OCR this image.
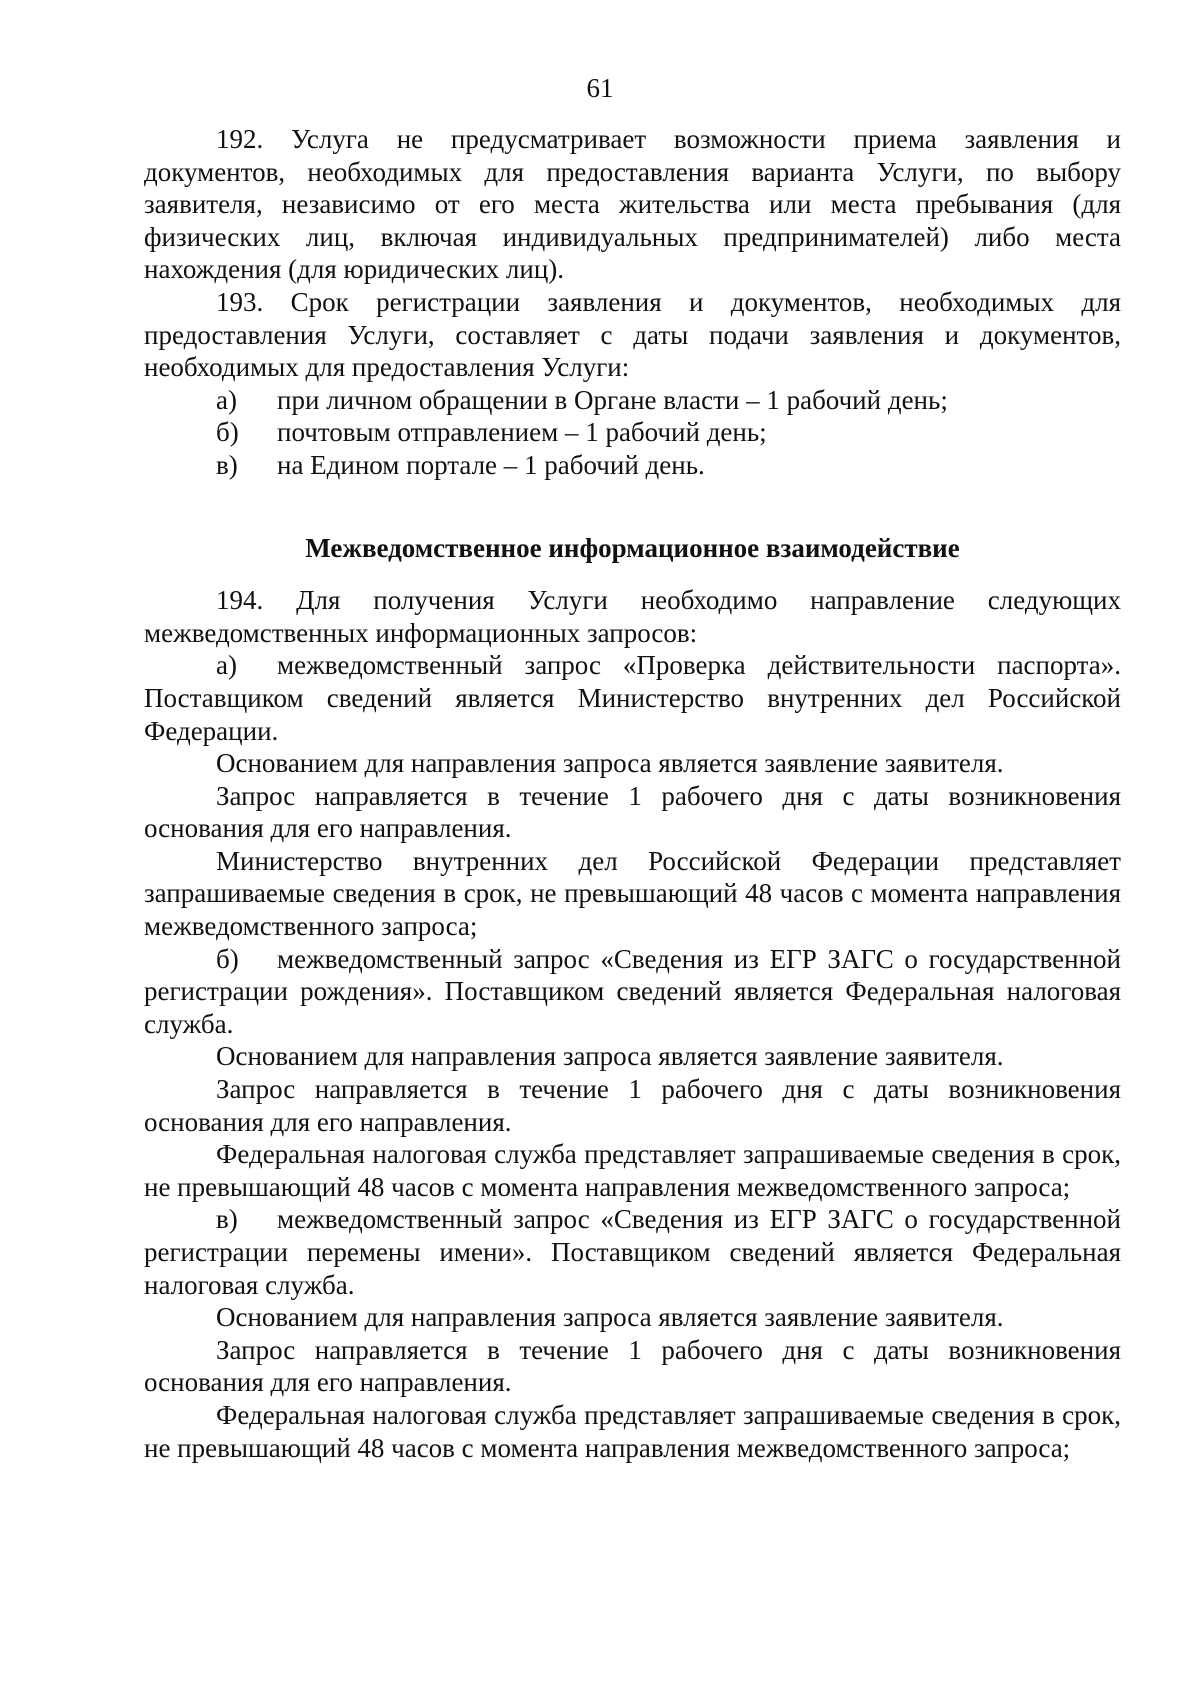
61

192. Услуга не предусматривает возможности приема заявления и документов, необходимых для предоставления варианта Услуги, по выбору заявителя, независимо от его места жительства или места пребывания (для физических лиц, включая индивидуальных предпринимателей) либо места нахождения (для юридических лиц).

193. Срок регистрации заявления и документов, необходимых для предоставления Услуги, составляет с даты подачи заявления и документов, необходимых для предоставления Услуги:

а) при личном обращении в Органе власти – 1 рабочий день;

б) почтовым отправлением – 1 рабочий день;

в) на Едином портале – 1 рабочий день.

Межведомственное информационное взаимодействие

194. Для получения Услуги необходимо направление следующих межведомственных информационных запросов:

а) межведомственный запрос «Проверка действительности паспорта». Поставщиком сведений является Министерство внутренних дел Российской Федерации.

Основанием для направления запроса является заявление заявителя.

Запрос направляется в течение 1 рабочего дня с даты возникновения основания для его направления.

Министерство внутренних дел Российской Федерации представляет запрашиваемые сведения в срок, не превышающий 48 часов с момента направления межведомственного запроса;

б) межведомственный запрос «Сведения из ЕГР ЗАГС о государственной регистрации рождения». Поставщиком сведений является Федеральная налоговая служба.

Основанием для направления запроса является заявление заявителя.

Запрос направляется в течение 1 рабочего дня с даты возникновения основания для его направления.

Федеральная налоговая служба представляет запрашиваемые сведения в срок, не превышающий 48 часов с момента направления межведомственного запроса;

в) межведомственный запрос «Сведения из ЕГР ЗАГС о государственной регистрации перемены имени». Поставщиком сведений является Федеральная налоговая служба.

Основанием для направления запроса является заявление заявителя.

Запрос направляется в течение 1 рабочего дня с даты возникновения основания для его направления.

Федеральная налоговая служба представляет запрашиваемые сведения в срок, не превышающий 48 часов с момента направления межведомственного запроса;
